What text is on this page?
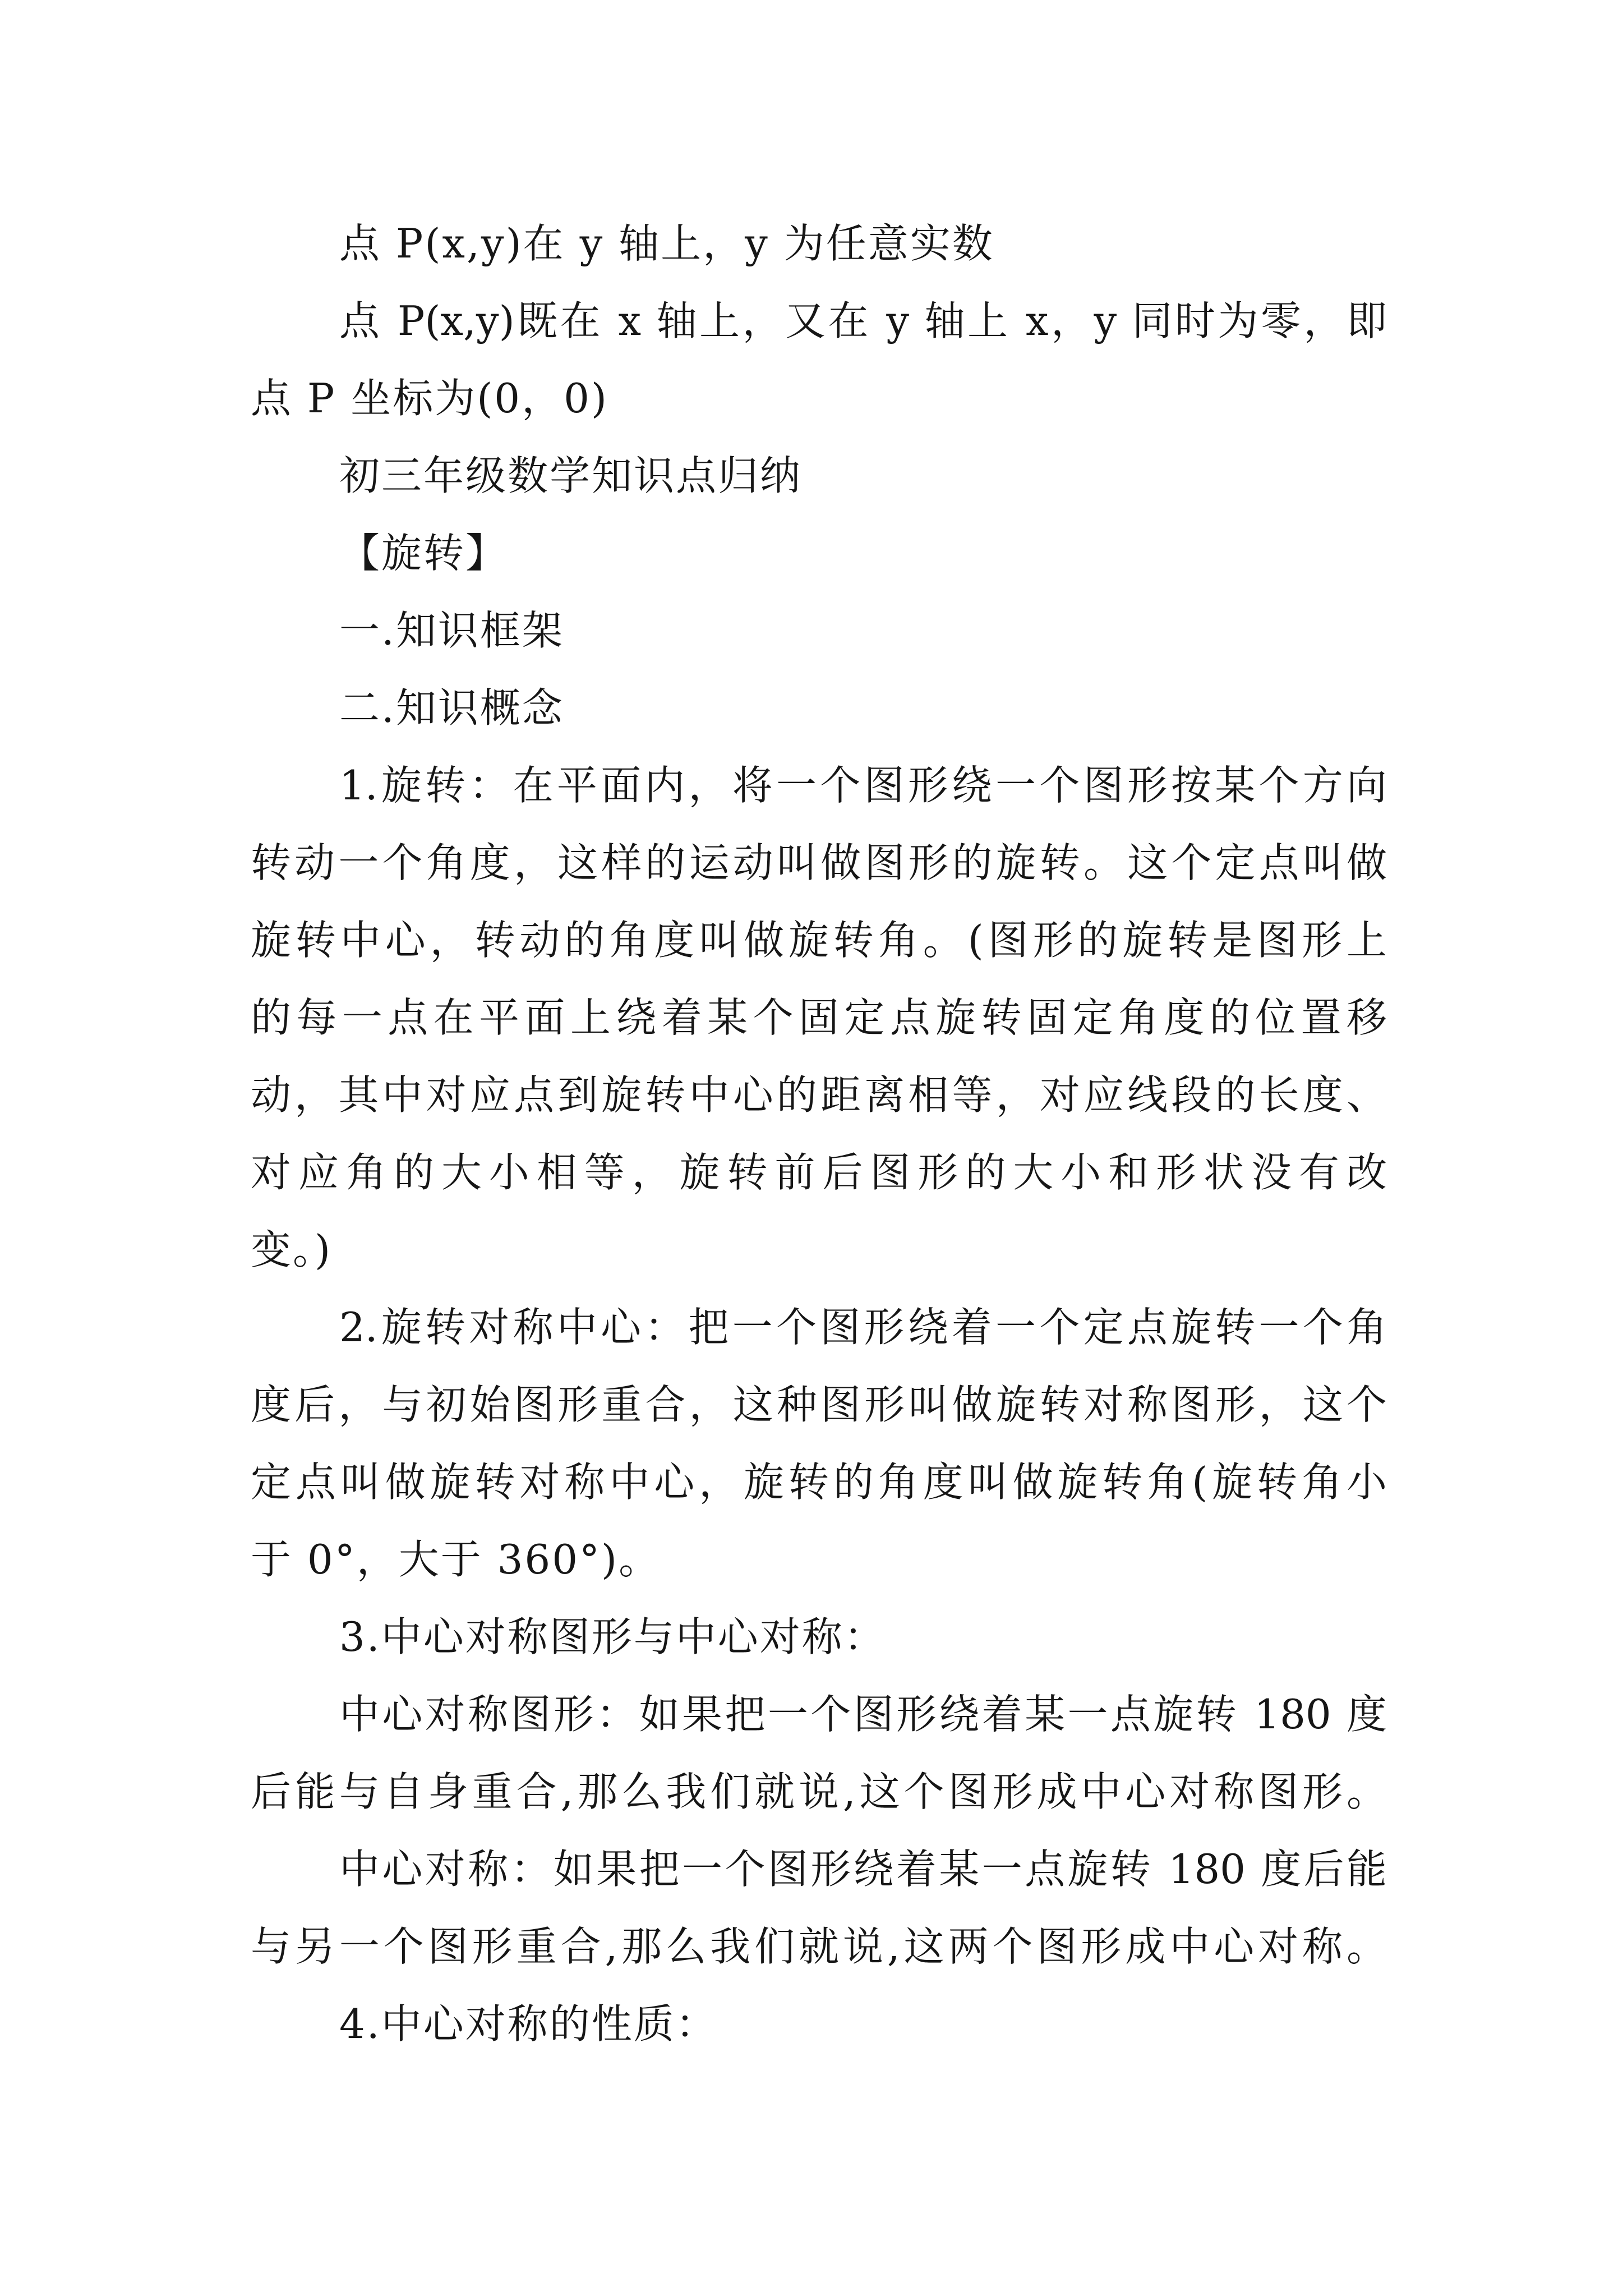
点 P(x,y)在 y 轴上，y 为任意实数
点 P(x,y)既在 x 轴上，又在 y 轴上 x，y 同时为零，即
点 P 坐标为(0，0)
初三年级数学知识点归纳
【旋转】
一.知识框架
二.知识概念
1.旋转：在平面内，将一个图形绕一个图形按某个方向
转动一个角度，这样的运动叫做图形的旋转。这个定点叫做
旋转中心，转动的角度叫做旋转角。(图形的旋转是图形上
的每一点在平面上绕着某个固定点旋转固定角度的位置移
动，其中对应点到旋转中心的距离相等，对应线段的长度、
对应角的大小相等，旋转前后图形的大小和形状没有改
变。)
2.旋转对称中心：把一个图形绕着一个定点旋转一个角
度后，与初始图形重合，这种图形叫做旋转对称图形，这个
定点叫做旋转对称中心，旋转的角度叫做旋转角(旋转角小
于 0°，大于 360°)。
3.中心对称图形与中心对称：
中心对称图形：如果把一个图形绕着某一点旋转 180 度
后能与自身重合,那么我们就说,这个图形成中心对称图形。
中心对称：如果把一个图形绕着某一点旋转 180 度后能
与另一个图形重合,那么我们就说,这两个图形成中心对称。
4.中心对称的性质：
